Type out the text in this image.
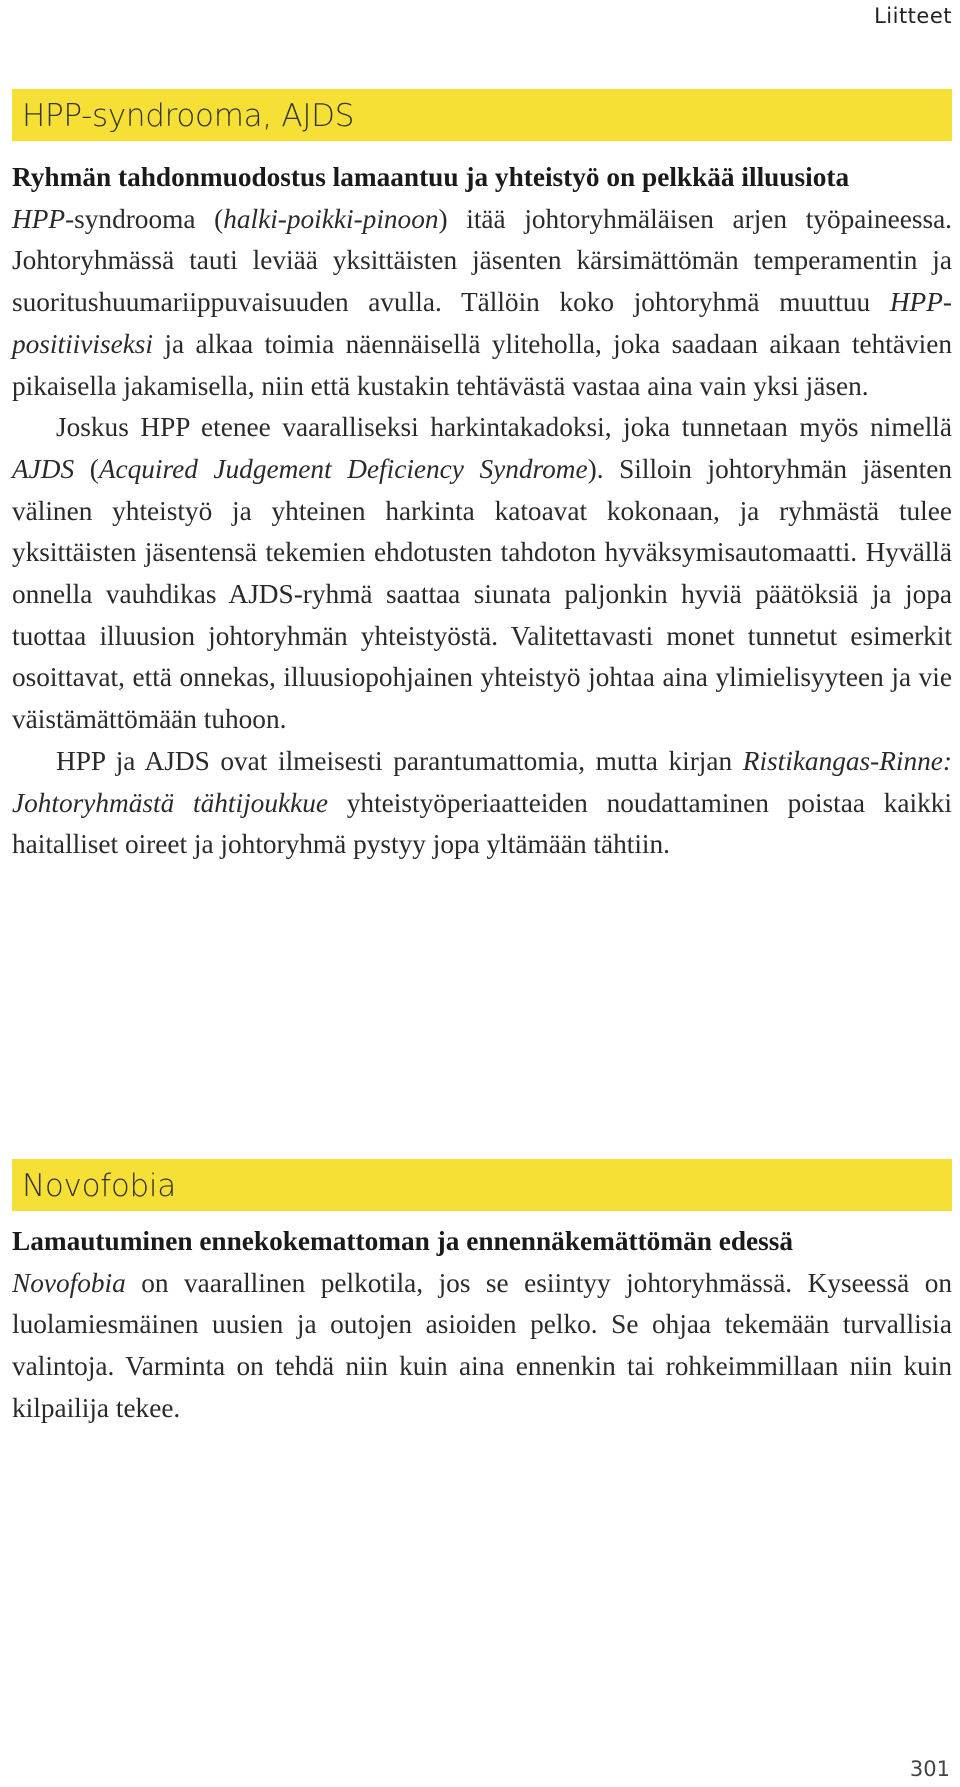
Liitteet
HPP-syndrooma, AJDS

Ryhmän tahdonmuodostus lamaantuu ja yhteistyö on pelkkää illuusiota

HPP-syndrooma (halki-poikki-pinoon) itää johtoryhmäläisen arjen työpaineessa. Johtoryhmässä tauti leviää yksittäisten jäsenten kärsimättömän temperamentin ja suoritushuumariippuvaisuuden avulla. Tällöin koko johtoryhmä muuttuu HPP-positiiviseksi ja alkaa toimia näennäisellä yliteholla, joka saadaan aikaan tehtävien pikaisella jakamisella, niin että kustakin tehtävästä vastaa aina vain yksi jäsen.

Joskus HPP etenee vaaralliseksi harkintakadoksi, joka tunnetaan myös nimellä AJDS (Acquired Judgement Deficiency Syndrome). Silloin johtoryhmän jäsenten välinen yhteistyö ja yhteinen harkinta katoavat kokonaan, ja ryhmästä tulee yksittäisten jäsentensä tekemien ehdotusten tahdoton hyväksymisautomaatti. Hyvällä onnella vauhdikas AJDS-ryhmä saattaa siunata paljonkin hyviä päätöksiä ja jopa tuottaa illuusion johtoryhmän yhteistyöstä. Valitettavasti monet tunnetut esimerkit osoittavat, että onnekas, illuusiopohjainen yhteistyö johtaa aina ylimielisyyteen ja vie väistämättömään tuhoon.

HPP ja AJDS ovat ilmeisesti parantumattomia, mutta kirjan Ristikangas-Rinne: Johtoryhmästä tähtijoukkue yhteistyöperiaatteiden noudattaminen poistaa kaikki haitalliset oireet ja johtoryhmä pystyy jopa yltämään tähtiin.

Novofobia

Lamautuminen ennekokemattoman ja ennennäkemättömän edessä

Novofobia on vaarallinen pelkotila, jos se esiintyy johtoryhmässä. Kyseessä on luolamiesmäinen uusien ja outojen asioiden pelko. Se ohjaa tekemään turvallisia valintoja. Varminta on tehdä niin kuin aina ennenkin tai rohkeimmillaan niin kuin kilpailija tekee.

301
